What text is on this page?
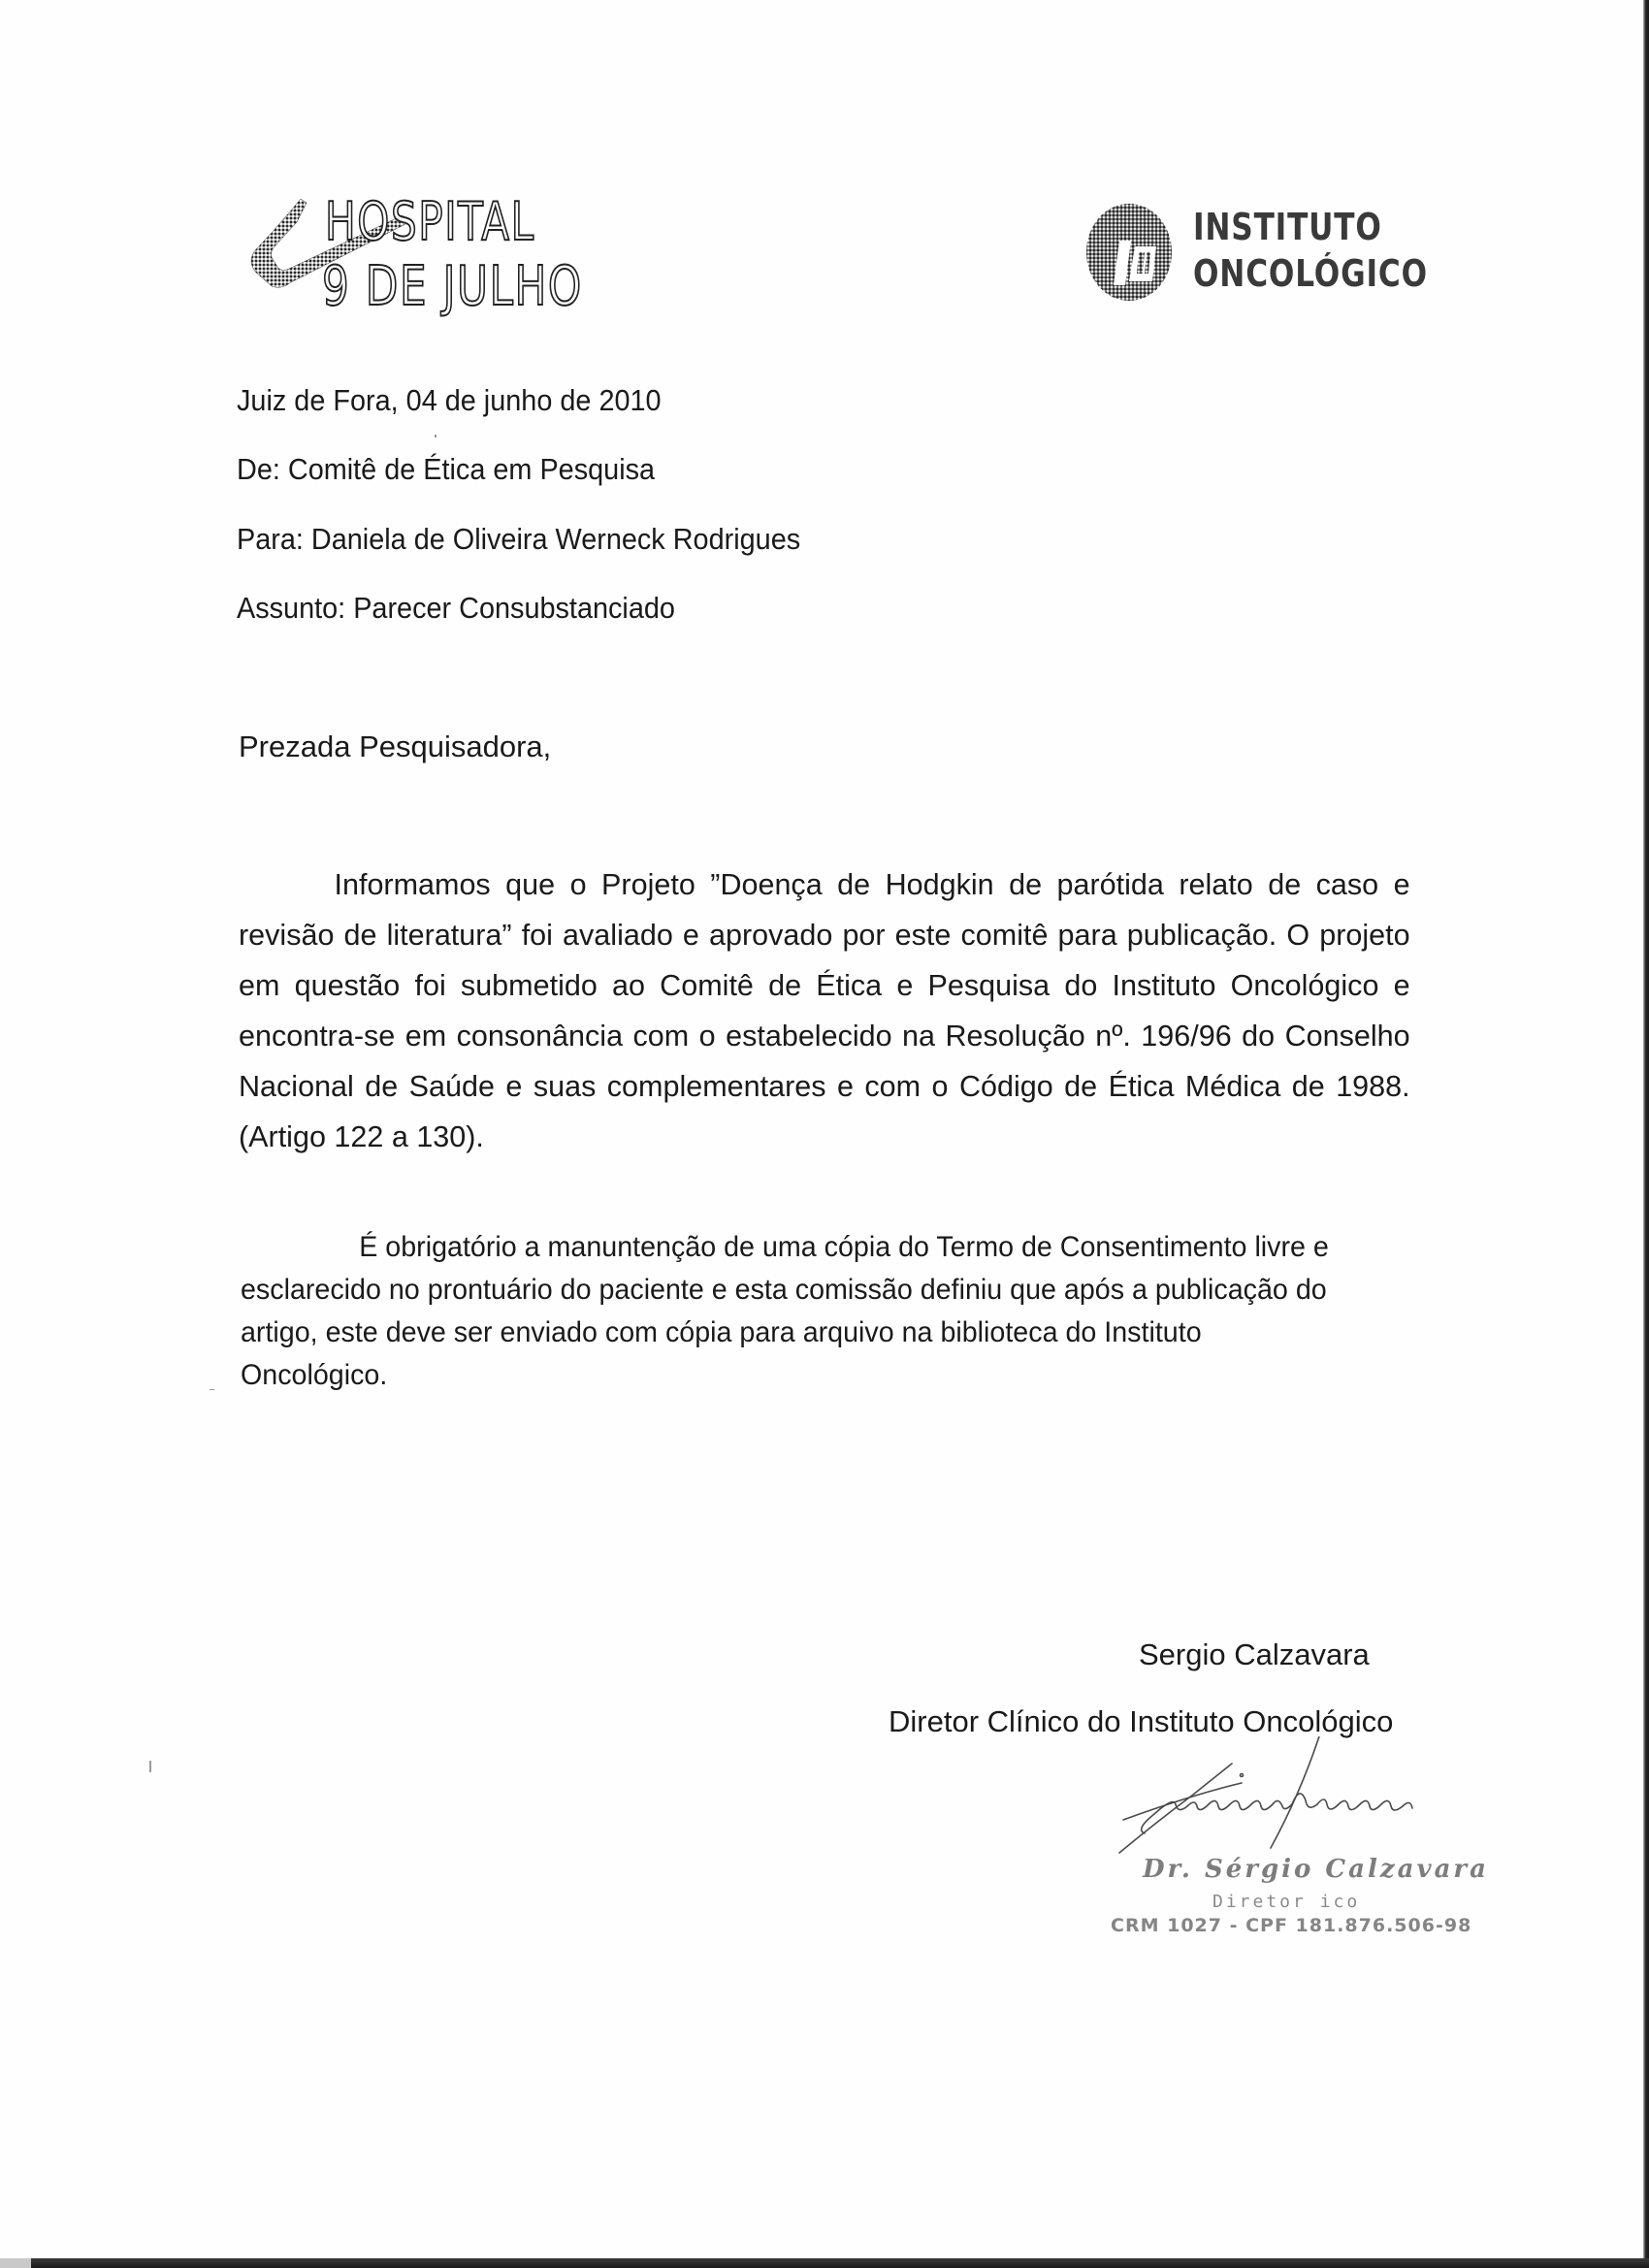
HOSPITAL
9 DE JULHO
INSTITUTO
ONCOLÓGICO
Juiz de Fora, 04 de junho de 2010
De: Comitê de Ética em Pesquisa
Para: Daniela de Oliveira Werneck Rodrigues
Assunto: Parecer Consubstanciado
Prezada Pesquisadora,

Informamos que o Projeto ”Doença de Hodgkin de parótida relato de caso e revisão de literatura” foi avaliado e aprovado por este comitê para publicação. O projeto em questão foi submetido ao Comitê de Ética e Pesquisa do Instituto Oncológico e encontra-se em consonância com o estabelecido na Resolução nº. 196/96 do Conselho Nacional de Saúde e suas complementares e com o Código de Ética Médica de 1988. (Artigo 122 a 130).

É obrigatório a manuntenção de uma cópia do Termo de Consentimento livre e esclarecido no prontuário do paciente e esta comissão definiu que após a publicação do artigo, este deve ser enviado com cópia para arquivo na biblioteca do Instituto Oncológico.

Sergio Calzavara
Diretor Clínico do Instituto Oncológico
Dr. Sérgio Calzavara
Diretor ico
CRM 1027 - CPF 181.876.506-98
